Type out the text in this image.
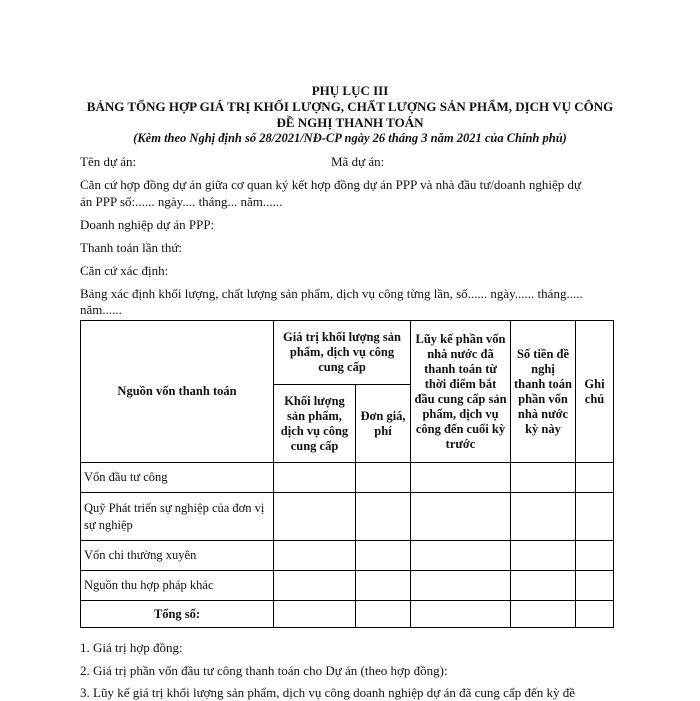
PHỤ LỤC III
BẢNG TỔNG HỢP GIÁ TRỊ KHỐI LƯỢNG, CHẤT LƯỢNG SẢN PHẨM, DỊCH VỤ CÔNG
ĐỀ NGHỊ THANH TOÁN
(Kèm theo Nghị định số 28/2021/NĐ-CP ngày 26 tháng 3 năm 2021 của Chính phủ)
Tên dự án:	Mã dự án:
Căn cứ hợp đồng dự án giữa cơ quan ký kết hợp đồng dự án PPP và nhà đầu tư/doanh nghiệp dự
án PPP số:...... ngày.... tháng... năm......
Doanh nghiệp dự án PPP:
Thanh toán lần thứ:
Căn cứ xác định:
Bảng xác định khối lượng, chất lượng sản phẩm, dịch vụ công từng lần, số...... ngày...... tháng.....
năm......
Nguồn vốn thanh toán	Giá trị khối lượng sản phẩm, dịch vụ công cung cấp		Lũy kế phần vốn nhà nước đã thanh toán từ thời điểm bắt đầu cung cấp sản phẩm, dịch vụ công đến cuối kỳ trước	Số tiền đề nghị thanh toán phần vốn nhà nước kỳ này	Ghi chú
	Khối lượng sản phẩm, dịch vụ công cung cấp	Đơn giá, phí			
Vốn đầu tư công					
Quỹ Phát triển sự nghiệp của đơn vị sự nghiệp					
Vốn chi thường xuyên					
Nguồn thu hợp pháp khác					
Tổng số:					
1. Giá trị hợp đồng:
2. Giá trị phần vốn đầu tư công thanh toán cho Dự án (theo hợp đồng):
3. Lũy kế giá trị khối lượng sản phẩm, dịch vụ công doanh nghiệp dự án đã cung cấp đến kỳ đề
